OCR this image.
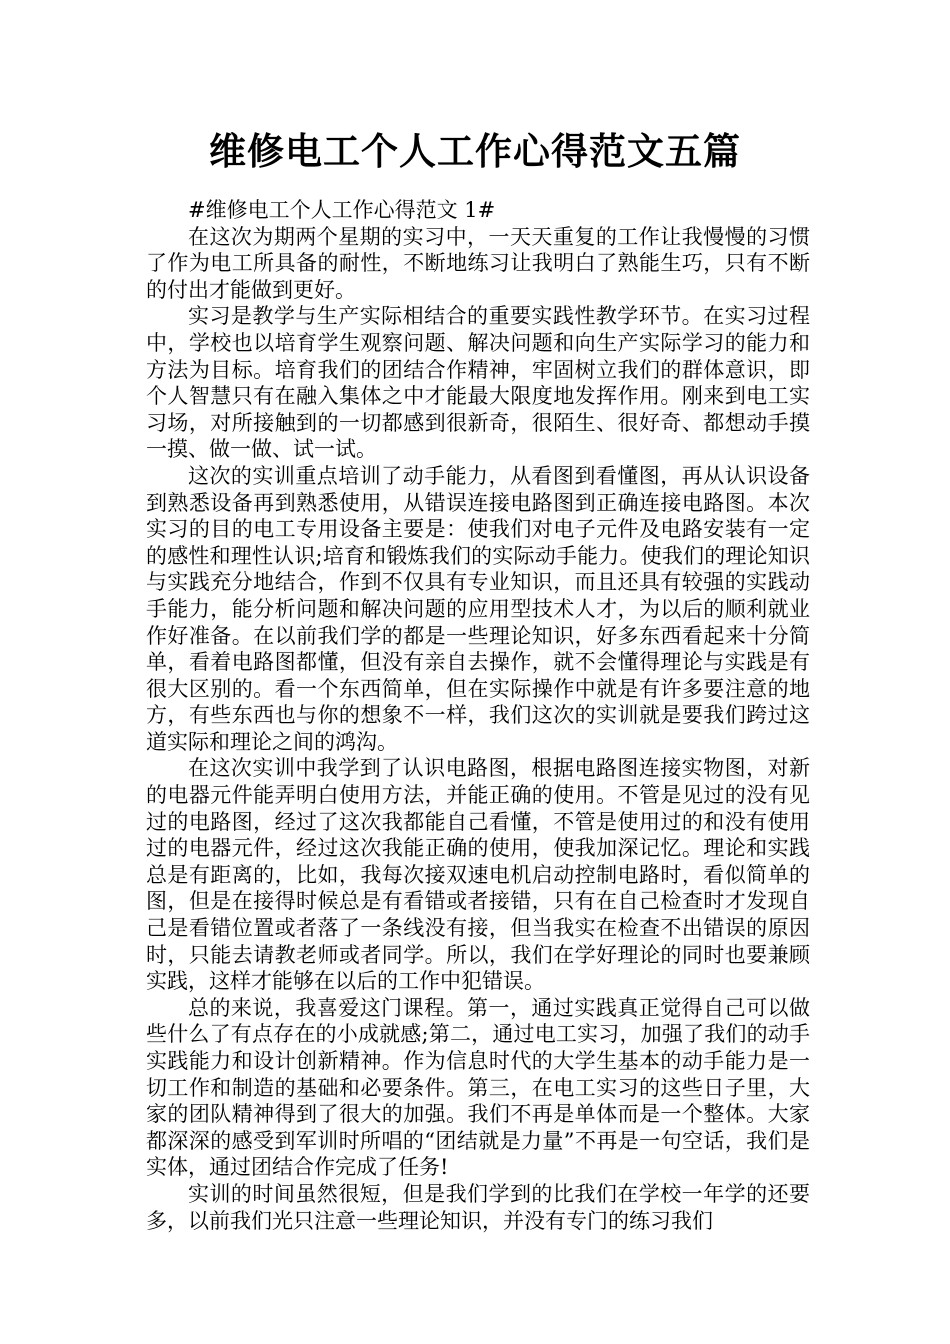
维修电工个人工作心得范文五篇

#维修电工个人工作心得范文 1#

在这次为期两个星期的实习中，一天天重复的工作让我慢慢的习惯了作为电工所具备的耐性，不断地练习让我明白了熟能生巧，只有不断的付出才能做到更好。

实习是教学与生产实际相结合的重要实践性教学环节。在实习过程中，学校也以培育学生观察问题、解决问题和向生产实际学习的能力和方法为目标。培育我们的团结合作精神，牢固树立我们的群体意识，即个人智慧只有在融入集体之中才能最大限度地发挥作用。刚来到电工实习场，对所接触到的一切都感到很新奇，很陌生、很好奇、都想动手摸一摸、做一做、试一试。

这次的实训重点培训了动手能力，从看图到看懂图，再从认识设备到熟悉设备再到熟悉使用，从错误连接电路图到正确连接电路图。本次实习的目的电工专用设备主要是：使我们对电子元件及电路安装有一定的感性和理性认识;培育和锻炼我们的实际动手能力。使我们的理论知识与实践充分地结合，作到不仅具有专业知识，而且还具有较强的实践动手能力，能分析问题和解决问题的应用型技术人才，为以后的顺利就业作好准备。在以前我们学的都是一些理论知识，好多东西看起来十分简单，看着电路图都懂，但没有亲自去操作，就不会懂得理论与实践是有很大区别的。看一个东西简单，但在实际操作中就是有许多要注意的地方，有些东西也与你的想象不一样，我们这次的实训就是要我们跨过这道实际和理论之间的鸿沟。

在这次实训中我学到了认识电路图，根据电路图连接实物图，对新的电器元件能弄明白使用方法，并能正确的使用。不管是见过的没有见过的电路图，经过了这次我都能自己看懂，不管是使用过的和没有使用过的电器元件，经过这次我能正确的使用，使我加深记忆。理论和实践总是有距离的，比如，我每次接双速电机启动控制电路时，看似简单的图，但是在接得时候总是有看错或者接错，只有在自己检查时才发现自己是看错位置或者落了一条线没有接，但当我实在检查不出错误的原因时，只能去请教老师或者同学。所以，我们在学好理论的同时也要兼顾实践，这样才能够在以后的工作中犯错误。

总的来说，我喜爱这门课程。第一，通过实践真正觉得自己可以做些什么了有点存在的小成就感;第二，通过电工实习，加强了我们的动手实践能力和设计创新精神。作为信息时代的大学生基本的动手能力是一切工作和制造的基础和必要条件。第三，在电工实习的这些日子里，大家的团队精神得到了很大的加强。我们不再是单体而是一个整体。大家都深深的感受到军训时所唱的“团结就是力量”不再是一句空话，我们是实体，通过团结合作完成了任务!

实训的时间虽然很短，但是我们学到的比我们在学校一年学的还要多，以前我们光只注意一些理论知识，并没有专门的练习我们
